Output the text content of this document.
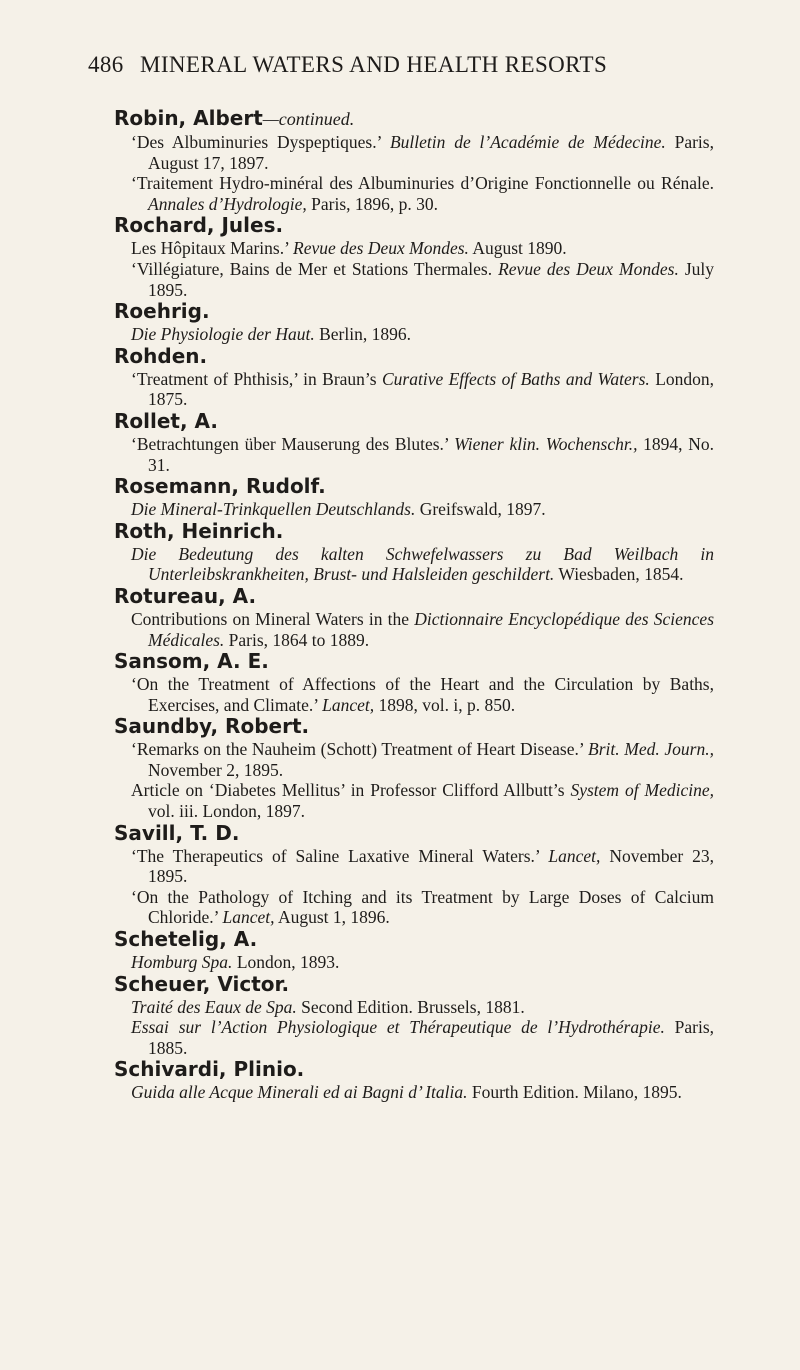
486 MINERAL WATERS AND HEALTH RESORTS
Robin, Albert—continued.
‘Des Albuminuries Dyspeptiques.’ Bulletin de l’Académie de Médecine. Paris, August 17, 1897.
‘Traitement Hydro-minéral des Albuminuries d’Origine Fonctionnelle ou Rénale. Annales d’Hydrologie, Paris, 1896, p. 30.
Rochard, Jules.
Les Hôpitaux Marins.’ Revue des Deux Mondes. August 1890.
‘Villégiature, Bains de Mer et Stations Thermales. Revue des Deux Mondes. July 1895.
Roehrig.
Die Physiologie der Haut. Berlin, 1896.
Rohden.
‘Treatment of Phthisis,’ in Braun’s Curative Effects of Baths and Waters. London, 1875.
Rollet, A.
‘Betrachtungen über Mauserung des Blutes.’ Wiener klin. Wochenschr., 1894, No. 31.
Rosemann, Rudolf.
Die Mineral-Trinkquellen Deutschlands. Greifswald, 1897.
Roth, Heinrich.
Die Bedeutung des kalten Schwefelwassers zu Bad Weilbach in Unterleibskrankheiten, Brust- und Halsleiden geschildert. Wiesbaden, 1854.
Rotureau, A.
Contributions on Mineral Waters in the Dictionnaire Encyclopédique des Sciences Médicales. Paris, 1864 to 1889.
Sansom, A. E.
‘On the Treatment of Affections of the Heart and the Circulation by Baths, Exercises, and Climate.’ Lancet, 1898, vol. i, p. 850.
Saundby, Robert.
‘Remarks on the Nauheim (Schott) Treatment of Heart Disease.’ Brit. Med. Journ., November 2, 1895.
Article on ‘Diabetes Mellitus’ in Professor Clifford Allbutt’s System of Medicine, vol. iii. London, 1897.
Savill, T. D.
‘The Therapeutics of Saline Laxative Mineral Waters.’ Lancet, November 23, 1895.
‘On the Pathology of Itching and its Treatment by Large Doses of Calcium Chloride.’ Lancet, August 1, 1896.
Schetelig, A.
Homburg Spa. London, 1893.
Scheuer, Victor.
Traité des Eaux de Spa. Second Edition. Brussels, 1881.
Essai sur l’Action Physiologique et Thérapeutique de l’Hydrothérapie. Paris, 1885.
Schivardi, Plinio.
Guida alle Acque Minerali ed ai Bagni d’ Italia. Fourth Edition. Milano, 1895.
